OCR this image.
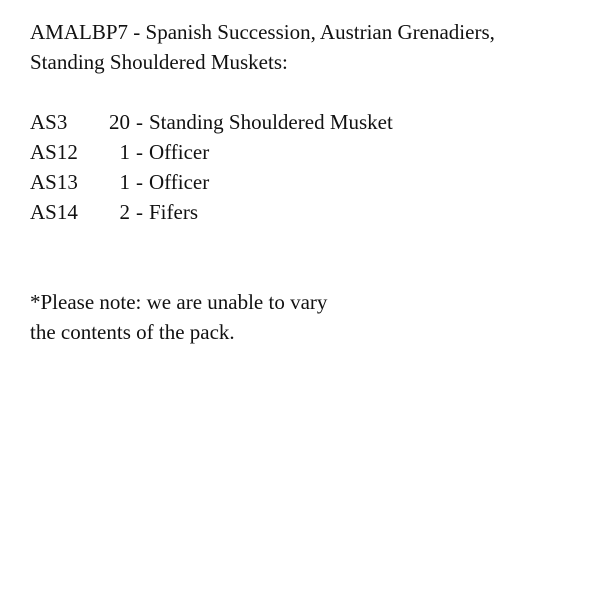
AMALBP7 - Spanish Succession, Austrian Grenadiers,
Standing Shouldered Muskets:
AS3	20 - Standing Shouldered Musket
AS12	1 - Officer
AS13	1 - Officer
AS14	2 - Fifers
*Please note: we are unable to vary
the contents of the pack.
